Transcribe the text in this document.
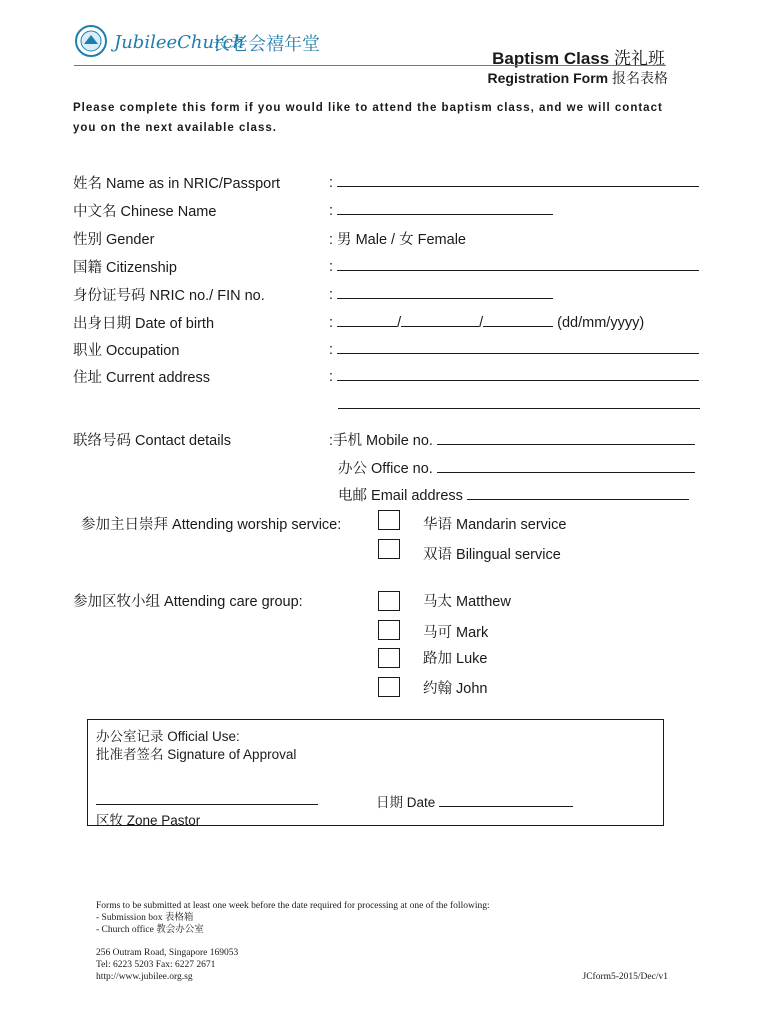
JubileeChurch
长老会禧年堂
Baptism Class 洗礼班
Registration Form 报名表格
Please complete this form if you would like to attend the baptism class, and we will contact you on the next available class.
姓名 Name as in NRIC/Passport	:
中文名 Chinese Name	:
性别 Gender	: 男 Male / 女 Female
国籍 Citizenship	:
身份证号码 NRIC no./ FIN no.	:
出身日期 Date of birth	:	/	/	(dd/mm/yyyy)
职业 Occupation	:
住址 Current address	:
联络号码 Contact details	:手机 Mobile no.
办公 Office no.
电邮 Email address
参加主日崇拜 Attending worship service:	华语 Mandarin service
双语 Bilingual service
参加区牧小组 Attending care group:	马太 Matthew
马可 Mark
路加 Luke
约翰 John
办公室记录 Official Use:
批准者签名 Signature of Approval
日期 Date
区牧 Zone Pastor
Forms to be submitted at least one week before the date required for processing at one of the following:
- Submission box 表格箱
- Church office 教会办公室
256 Outram Road, Singapore 169053
Tel: 6223 5203 Fax: 6227 2671
http://www.jubilee.org.sg	JCform5-2015/Dec/v1
